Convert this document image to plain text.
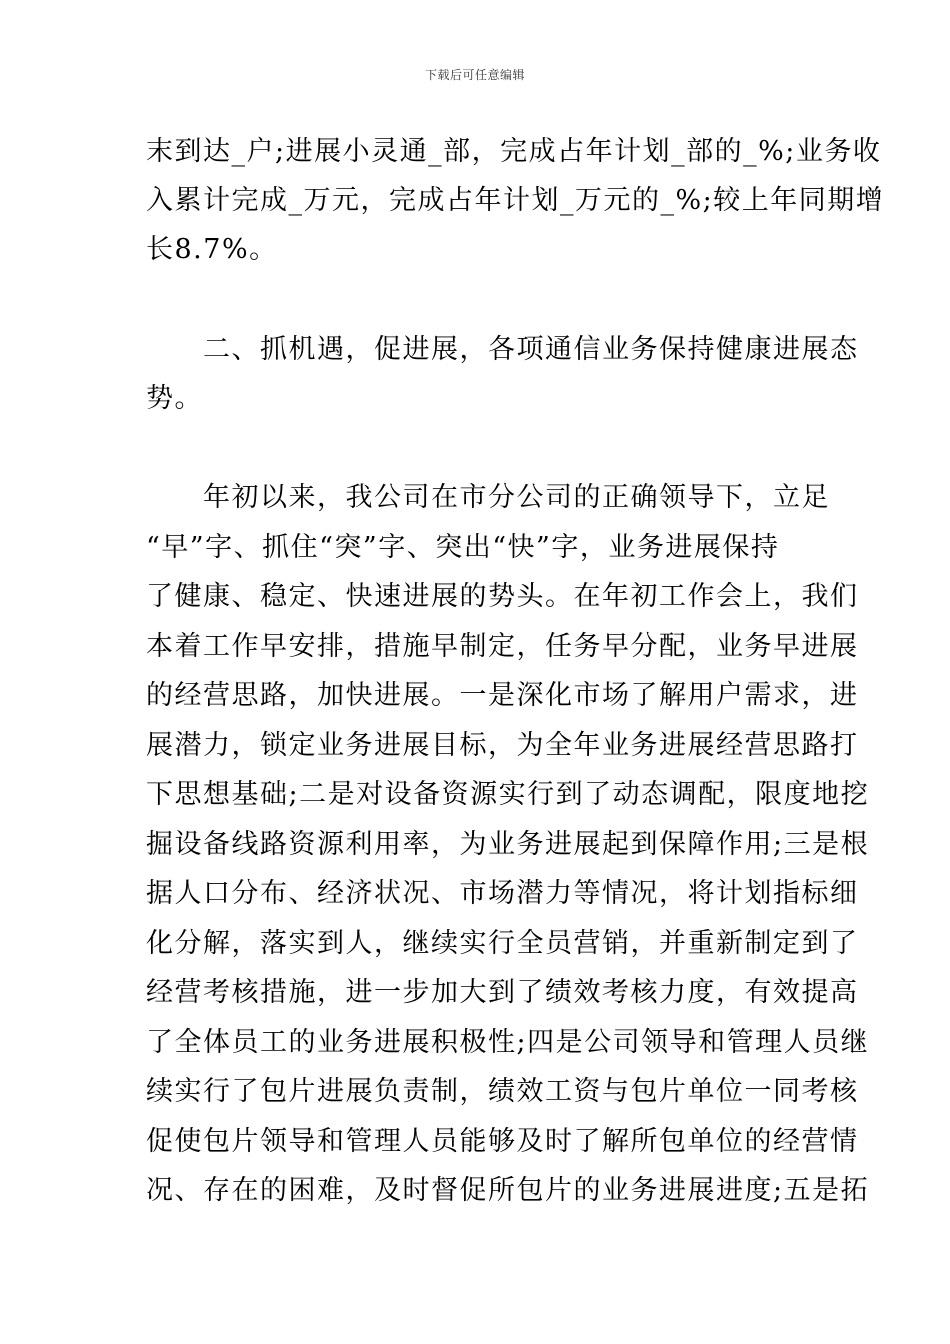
下载后可任意编辑
末到达_户;进展小灵通_部，完成占年计划_部的_%;业务收
入累计完成_万元，完成占年计划_万元的_%;较上年同期增
长8.7%。
　　二、抓机遇，促进展，各项通信业务保持健康进展态
势。
　　年初以来，我公司在市分公司的正确领导下，立足
“早”字、抓住“突”字、突出“快”字，业务进展保持
了健康、稳定、快速进展的势头。在年初工作会上，我们
本着工作早安排，措施早制定，任务早分配，业务早进展
的经营思路，加快进展。一是深化市场了解用户需求，进
展潜力，锁定业务进展目标，为全年业务进展经营思路打
下思想基础;二是对设备资源实行到了动态调配，限度地挖
掘设备线路资源利用率，为业务进展起到保障作用;三是根
据人口分布、经济状况、市场潜力等情况，将计划指标细
化分解，落实到人，继续实行全员营销，并重新制定到了
经营考核措施，进一步加大到了绩效考核力度，有效提高
了全体员工的业务进展积极性;四是公司领导和管理人员继
续实行了包片进展负责制，绩效工资与包片单位一同考核
促使包片领导和管理人员能够及时了解所包单位的经营情
况、存在的困难，及时督促所包片的业务进展进度;五是拓
